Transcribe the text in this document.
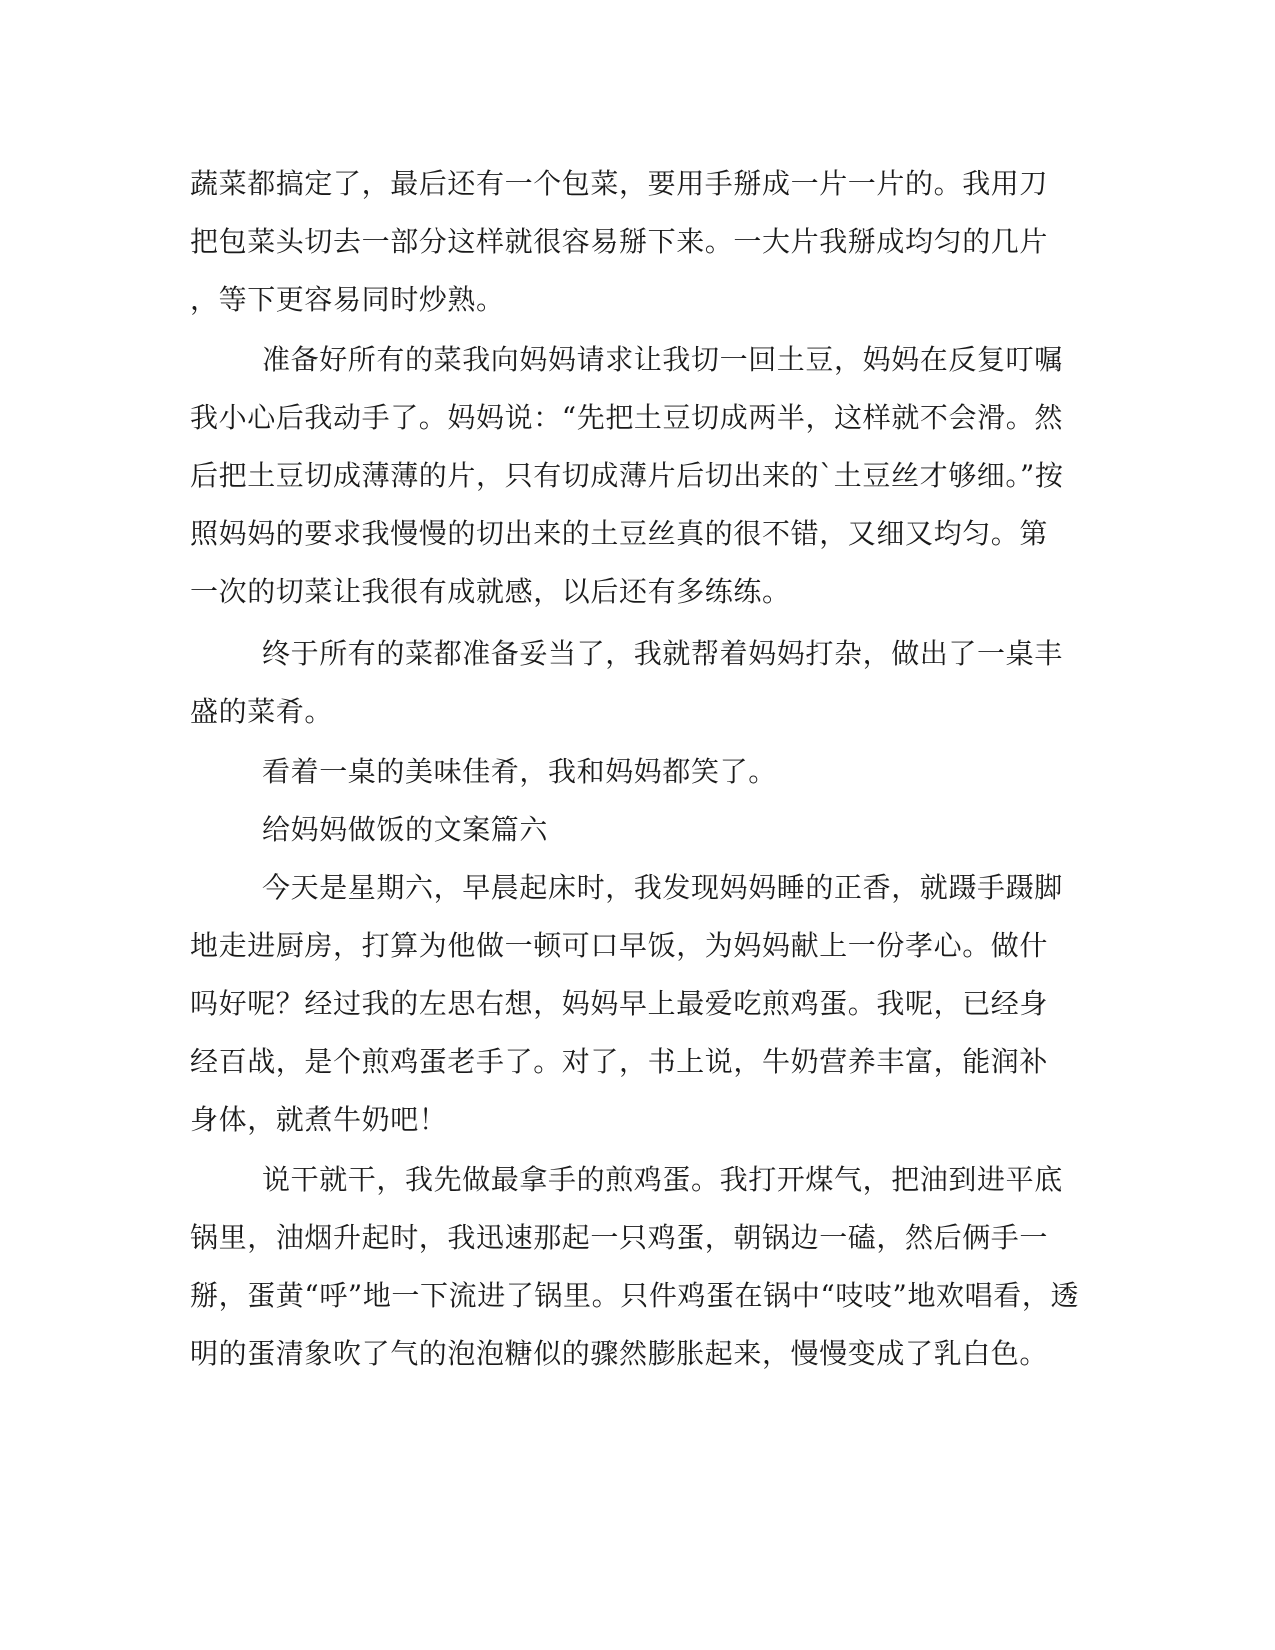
蔬菜都搞定了，最后还有一个包菜，要用手掰成一片一片的。我用刀
把包菜头切去一部分这样就很容易掰下来。一大片我掰成均匀的几片
，等下更容易同时炒熟。
准备好所有的菜我向妈妈请求让我切一回土豆，妈妈在反复叮嘱
我小心后我动手了。妈妈说：“先把土豆切成两半，这样就不会滑。然
后把土豆切成薄薄的片，只有切成薄片后切出来的`土豆丝才够细。”按
照妈妈的要求我慢慢的切出来的土豆丝真的很不错，又细又均匀。第
一次的切菜让我很有成就感，以后还有多练练。
终于所有的菜都准备妥当了，我就帮着妈妈打杂，做出了一桌丰
盛的菜肴。
看着一桌的美味佳肴，我和妈妈都笑了。
给妈妈做饭的文案篇六
今天是星期六，早晨起床时，我发现妈妈睡的正香，就蹑手蹑脚
地走进厨房，打算为他做一顿可口早饭，为妈妈献上一份孝心。做什
吗好呢？经过我的左思右想，妈妈早上最爱吃煎鸡蛋。我呢，已经身
经百战，是个煎鸡蛋老手了。对了，书上说，牛奶营养丰富，能润补
身体，就煮牛奶吧！
说干就干，我先做最拿手的煎鸡蛋。我打开煤气，把油到进平底
锅里，油烟升起时，我迅速那起一只鸡蛋，朝锅边一磕，然后俩手一
掰，蛋黄“呼”地一下流进了锅里。只件鸡蛋在锅中“吱吱”地欢唱看，透
明的蛋清象吹了气的泡泡糖似的骤然膨胀起来，慢慢变成了乳白色。
